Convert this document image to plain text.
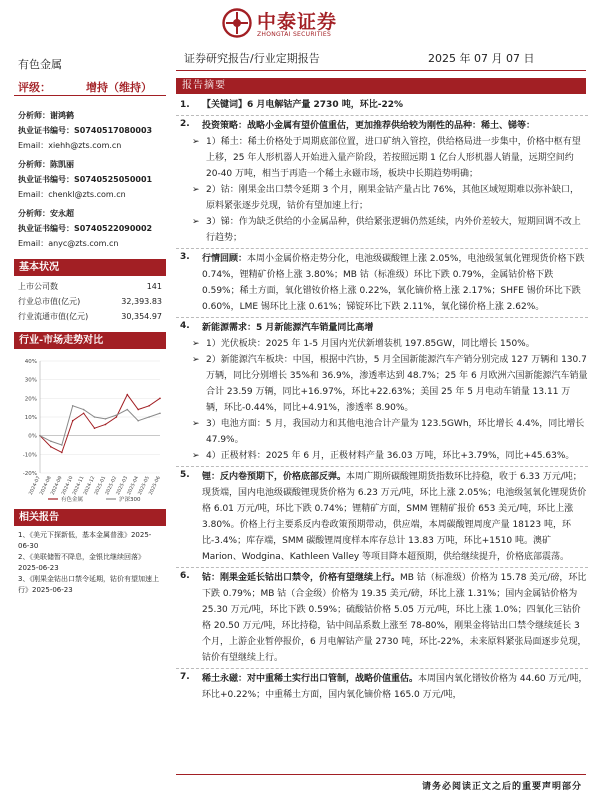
中泰证券
ZHONGTAI SECURITIES
有色金属	证券研究报告/行业定期报告	2025 年 07 月 07 日
评级：	增持（维持）
分析师：谢鸿鹤
执业证书编号：S0740517080003
Email：xiehh@zts.com.cn
分析师：陈凯丽
执业证书编号：S0740525050001
Email：chenkl@zts.com.cn
分析师：安永超
执业证书编号：S0740522090002
Email：anyc@zts.com.cn
基本状况
上市公司数	141
行业总市值(亿元)	32,393.83
行业流通市值(亿元)	30,354.97
行业-市场走势对比
40%
30%
20%
10%
0%
-10%
-20%
2024-07
2024-08
2024-09
2024-10
2024-11
2024-12
2025-01
2025-02
2025-03
2025-04
2025-05
2025-06
有色金属	沪深300
相关报告
1、《美元下探新低，基本金属普涨》2025-06-30
2、《美联储暂不降息，金银比继续回落》2025-06-23
3、《刚果金钴出口禁令延期，钴价有望加速上行》2025-06-23
报告摘要
1. 【关键词】6 月电解钴产量 2730 吨，环比-22%
2. 投资策略：战略小金属有望价值重估，更加推荐供给较为刚性的品种：稀土、锑等：
➢ 1）稀土：稀土价格处于周期底部位置，进口矿纳入管控，供给格局进一步集中，价格中枢有望上移，25 年人形机器人开始进入量产阶段，若按照远期 1 亿台人形机器人销量，远期空间约 20-40 万吨，相当于再造一个稀土永磁市场，板块中长期趋势明确；
➢ 2）钴：刚果金出口禁令延期 3 个月，刚果金钴产量占比 76%，其他区域短期难以弥补缺口，原料紧张逐步兑现，钴价有望加速上行；
➢ 3）锑：作为缺乏供给的小金属品种，供给紧张逻辑仍然延续，内外价差较大，短期回调不改上行趋势；
3. 行情回顾：本周小金属价格走势分化，电池级碳酸锂上涨 2.05%，电池级氢氧化锂现货价格下跌 0.74%，锂精矿价格上涨 3.80%；MB 钴（标准级）环比下跌 0.79%，金属钴价格下跌 0.59%；稀土方面，氧化镨钕价格上涨 0.22%，氧化镝价格上涨 2.17%；SHFE 锡价环比下跌 0.60%，LME 锡环比上涨 0.61%；锑锭环比下跌 2.11%，氧化锑价格上涨 2.62%。
4. 新能源需求：5 月新能源汽车销量同比高增
➢ 1）光伏板块：2025 年 1-5 月国内光伏新增装机 197.85GW，同比增长 150%。
➢ 2）新能源汽车板块：中国，根据中汽协，5 月全国新能源汽车产销分别完成 127 万辆和 130.7 万辆，同比分别增长 35%和 36.9%，渗透率达到 48.7%；25 年 6 月欧洲六国新能源汽车销量合计 23.59 万辆，同比+16.97%，环比+22.63%；美国 25 年 5 月电动车销量 13.11 万辆，环比-0.44%，同比+4.91%，渗透率 8.90%。
➢ 3）电池方面：5 月，我国动力和其他电池合计产量为 123.5GWh，环比增长 4.4%，同比增长 47.9%。
➢ 4）正极材料：2025 年 6 月，正极材料产量 36.03 万吨，环比+3.79%，同比+45.63%。
5. 锂：反内卷预期下，价格底部反弹。本周广期所碳酸锂期货指数环比持稳，收于 6.33 万元/吨；现货端，国内电池级碳酸锂现货价格为 6.23 万元/吨，环比上涨 2.05%；电池级氢氧化锂现货价格 6.01 万元/吨，环比下跌 0.74%；锂精矿方面，SMM 锂精矿报价 653 美元/吨，环比上涨 3.80%。价格上行主要系反内卷政策预期带动，供应端，本周碳酸锂周度产量 18123 吨，环比-3.4%；库存端，SMM 碳酸锂周度样本库存总计 13.83 万吨，环比+1510 吨。澳矿 Marion、Wodgina、Kathleen Valley 等项目降本超预期，供给继续提升，价格底部震荡。
6. 钴：刚果金延长钴出口禁令，价格有望继续上行。MB 钴（标准级）价格为 15.78 美元/磅，环比下跌 0.79%；MB 钴（合金级）价格为 19.35 美元/磅，环比上涨 1.31%；国内金属钴价格为 25.30 万元/吨，环比下跌 0.59%；硫酸钴价格 5.05 万元/吨，环比上涨 1.0%；四氧化三钴价格 20.50 万元/吨，环比持稳，钴中间品系数上涨至 78-80%，刚果金将钴出口禁令继续延长 3 个月，上游企业暂停报价，6 月电解钴产量 2730 吨，环比-22%，未来原料紧张局面逐步兑现，钴价有望继续上行。
7. 稀土永磁：对中重稀土实行出口管制，战略价值重估。本周国内氧化镨钕价格为 44.60 万元/吨，环比+0.22%；中重稀土方面，国内氧化镝价格 165.0 万元/吨，
请务必阅读正文之后的重要声明部分
